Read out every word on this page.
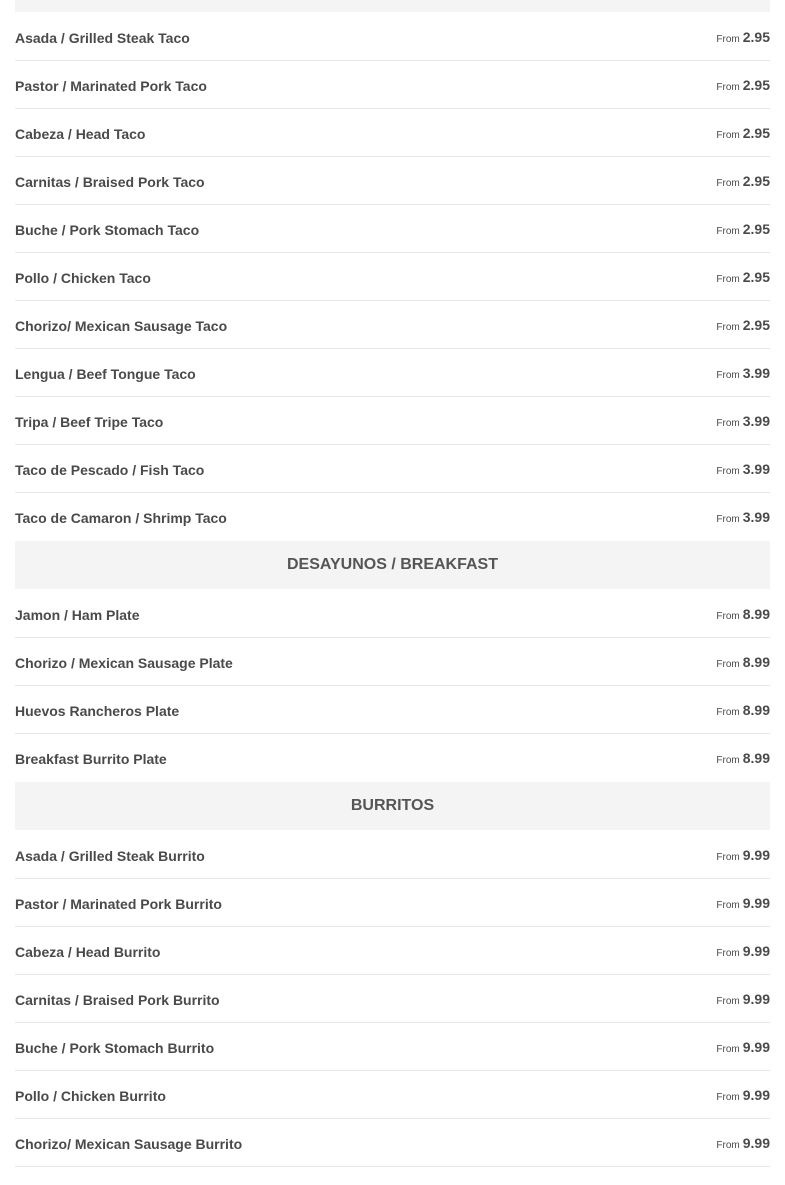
Asada / Grilled Steak Taco	From 2.95
Pastor / Marinated Pork Taco	From 2.95
Cabeza / Head Taco	From 2.95
Carnitas / Braised Pork Taco	From 2.95
Buche / Pork Stomach Taco	From 2.95
Pollo / Chicken Taco	From 2.95
Chorizo/ Mexican Sausage Taco	From 2.95
Lengua / Beef Tongue Taco	From 3.99
Tripa / Beef Tripe Taco	From 3.99
Taco de Pescado / Fish Taco	From 3.99
Taco de Camaron / Shrimp Taco	From 3.99
DESAYUNOS / BREAKFAST
Jamon / Ham Plate	From 8.99
Chorizo / Mexican Sausage Plate	From 8.99
Huevos Rancheros Plate	From 8.99
Breakfast Burrito Plate	From 8.99
BURRITOS
Asada / Grilled Steak Burrito	From 9.99
Pastor / Marinated Pork Burrito	From 9.99
Cabeza / Head Burrito	From 9.99
Carnitas / Braised Pork Burrito	From 9.99
Buche / Pork Stomach Burrito	From 9.99
Pollo / Chicken Burrito	From 9.99
Chorizo/ Mexican Sausage Burrito	From 9.99
